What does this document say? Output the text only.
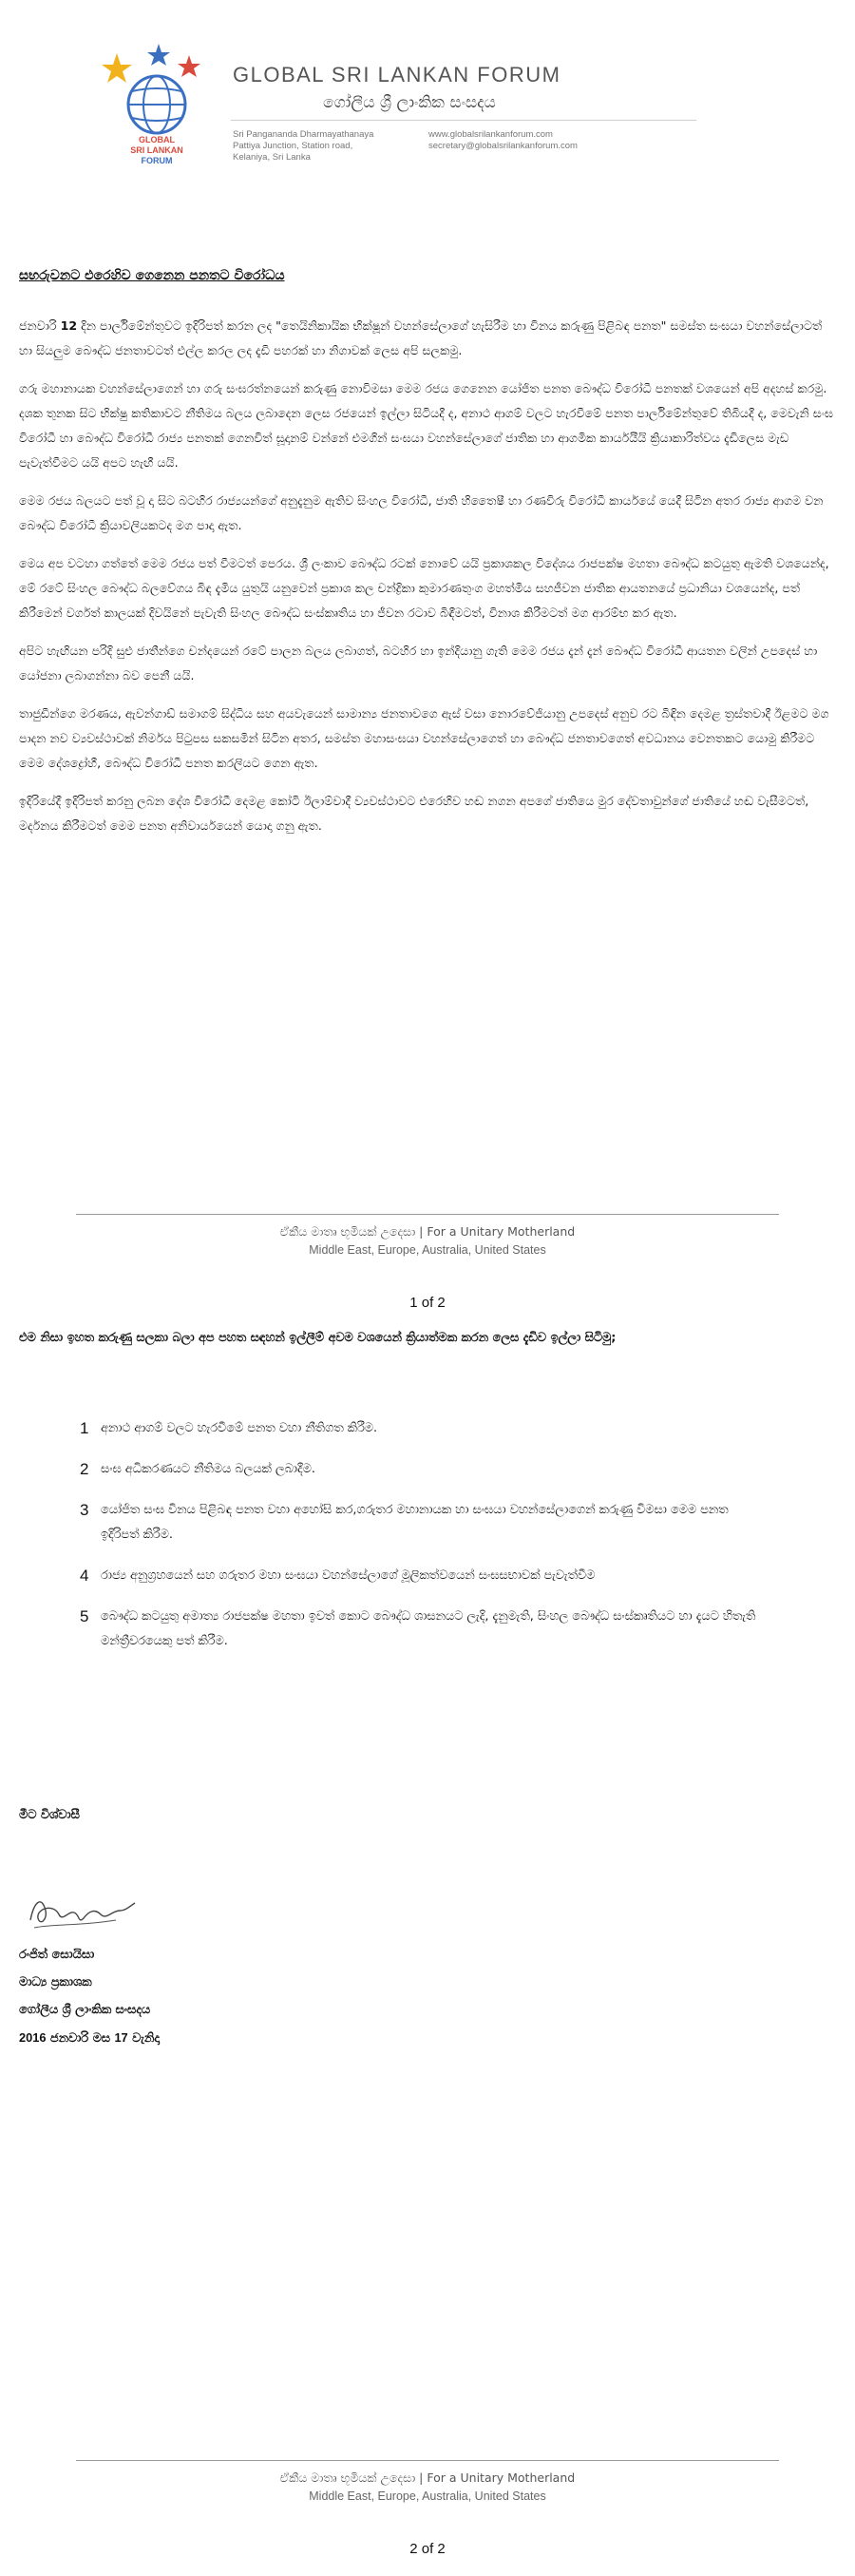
GLOBAL
SRI LANKAN
FORUM
GLOBAL SRI LANKAN FORUM
ගෝලීය ශ්‍රී ලාංකික සංසදය
Sri Pangananda Dharmayathanaya
Pattiya Junction, Station road,
Kelaniya, Sri Lanka
www.globalsrilankanforum.com
secretary@globalsrilankanforum.com
සභරුවනට එරෙහිව ගෙනෙන පනතට විරෝධය

ජනවාරි 12 දින පාර්ලිමේන්තුවට ඉදිරිපත් කරන ලද "තෙයිනිකායික භික්ෂූන් වහන්සේලාගේ හැසිරීම හා විනය කරුණු පිළිබඳ පනත" සමස්ත සංඝයා වහන්සේලාටත් හා සියලුම බෞද්ධ ජනතාවටත් එල්ල කරල ලද දැඩි පහරක් හා නිගාවක් ලෙස අපි සලකමු.

ගරු මහානායක වහන්සේලාගෙන් හා ගරු සංඝරත්නයෙන් කරුණු නොවිමසා මෙම රජය ගෙනෙන යෝජිත පනත බෞද්ධ විරෝධී පනතක් වශයෙන් අපි අදහස් කරමු. දශක තුනක සිට භික්ෂු කතිකාවට නීතිමය බලය ලබාදෙන ලෙස රජයෙන් ඉල්ලා සිටියදී ද, අනාථ ආගම් වලට හැරවීමේ පනත පාර්ලිමේන්තුවේ තිබියදී ද, මෙවැනි සංඝ විරෝධී හා බෞද්ධ විරෝධී රාජ්‍ය පනතක් ගෙනවිත් සූදානම් වන්නේ එමගින් සංඝයා වහන්සේලාගේ ජාතික හා ආගමික කාර්යයීයි ක්‍රියාකාරිත්වය දැඩිලෙස මැඩ පැවැත්වීමට යයි අපට හැඟී යයි.

මෙම රජය බලයට පත් වූ දා සිට බටහිර රාජ්‍යයන්ගේ අනුදැනුම ඇතිව සිංහල විරෝධී, ජාති හිතෛෂී හා රණවිරු විරෝධී කාර්යයේ යෙදී සිටින අතර රාජ්‍ය ආගම වන බෞද්ධ විරෝධී ක්‍රියාවලියකටද මග පාදා ඇත.

මෙය අප වටහා ගත්තේ මෙම රජය පත් වීමටත් පෙරය. ශ්‍රී ලංකාව බෞද්ධ රටක් නොවේ යයි ප්‍රකාශකල විදේශය රාජපක්ෂ මහතා බෞද්ධ කටයුතු ඇමති වශයෙන්ද, මේ රටේ සිංහල බෞද්ධ බලවේගය බිඳ දැමිය යුතුයි යනුවෙන් ප්‍රකාශ කල චන්ද්‍රිකා කුමාරණතුංග මහත්මිය සහජීවන ජාතික ආයතනයේ ප්‍රධානියා වශයෙන්ද, පත් කිරීමෙන් වර්ගත් කාලයක් දිවයිනේ පැවැති සිංහල බෞද්ධ සංස්කෘතිය හා ජීවන රටාව බිඳීමටත්, විනාශ කිරීමටත් මග ආරම්භ කර ඇත.

අපිට හැඟියන පරිදි සුළු ජාතීන්ගෙ චන්දයෙන් රටේ පාලන බලය ලබාගත්, බටහිර හා ඉන්දියානු ගැති මෙම රජය දැන් දැන් බෞද්ධ විරෝධී ආයතන වලින් උපදෙස් හා යෝජනා ලබාගන්නා බව පෙනී යයි.

තාජුඩීන්ගෙ මරණය, ඇවන්ගාඩ් සමාගම් සිද්ධිය සහ අයවැයෙන් සාමාන්‍ය ජනතාවගෙ ඇස් වසා නොරවේජියානු උපදෙස් අනුව රට බිඳින දෙමළ ත්‍රස්තවාදී ඊළමට මග පාදන නව ව්‍යවස්ථාවක් නිර්මය පිටුපස සකසමින් සිටින අතර, සමස්ත මහාසංඝයා වහන්සේලාගෙත් හා බෞද්ධ ජනතාවගෙත් අවධානය වෙනතකට යොමු කිරීමට මෙම දේශද්‍රෝහී, බෞද්ධ විරෝධී පනත කරලියට ගෙන ඇත.

ඉදිරියේදී ඉදිරිපත් කරනු ලබන දේශ විරෝධී දෙමළ කෝටි ඊලාම්වාදී ව්‍යවස්ථාවට එරෙහිව හඬ නගන අපගේ ජාතියෙ මුර දේවතාවුන්ගේ ජාතියේ හඬ වැසීමටත්, මර්දනය කිරීමටත් මෙම පනත අනිවාර්යයෙන් යොදා ගනු ඇත.

ඒකීය මාතෘ භූමියක් උදෙසා | For a Unitary Motherland
Middle East, Europe, Australia, United States
1 of 2

එම නිසා ඉහත කරුණු සලකා බලා අප පහත සඳහන් ඉල්ලීම් අවම වශයෙන් ක්‍රියාත්මක කරන ලෙස දැඩිව ඉල්ලා සිටිමු;

1 අනාථ ආගම් වලට හැරවීමේ පනත වහා නීතිගත කිරීම.
2 සංඝ අධිකරණයට නීතිමය බලයක් ලබාදීම.
3 යෝජිත සංඝ විනය පිළිබඳ පනත වහා අහෝසි කර,ගරුතර මහානායක හා සංඝයා වහන්සේලාගෙන් කරුණු විමසා මෙම පනත ඉදිරිපත් කිරීම.
4 රාජ්‍ය අනුග්‍රහයෙන් සහ ගරුතර මහා සංඝයා වහන්සේලාගේ මූලිකත්වයෙන් සංඝසභාවක් පැවැත්වීම
5 බෞද්ධ කටයුතු අමාත්‍ය රාජපක්ෂ මහතා ඉවත් කොට බෞද්ධ ශාසනයට ලැදි, දැනුමැති, සිංහල බෞද්ධ සංස්කෘතියට හා දැයට හිතැති මන්ත්‍රීවරයෙකු පත් කිරීම.
මීට විශ්වාසී
රංජිත් සොයිසා
මාධ්‍ය ප්‍රකාශක
ගෝලීය ශ්‍රී ලාංකික සංසදය
2016 ජනවාරි මස 17 වැනිදා
ඒකීය මාතෘ භූමියක් උදෙසා | For a Unitary Motherland
Middle East, Europe, Australia, United States
2 of 2
